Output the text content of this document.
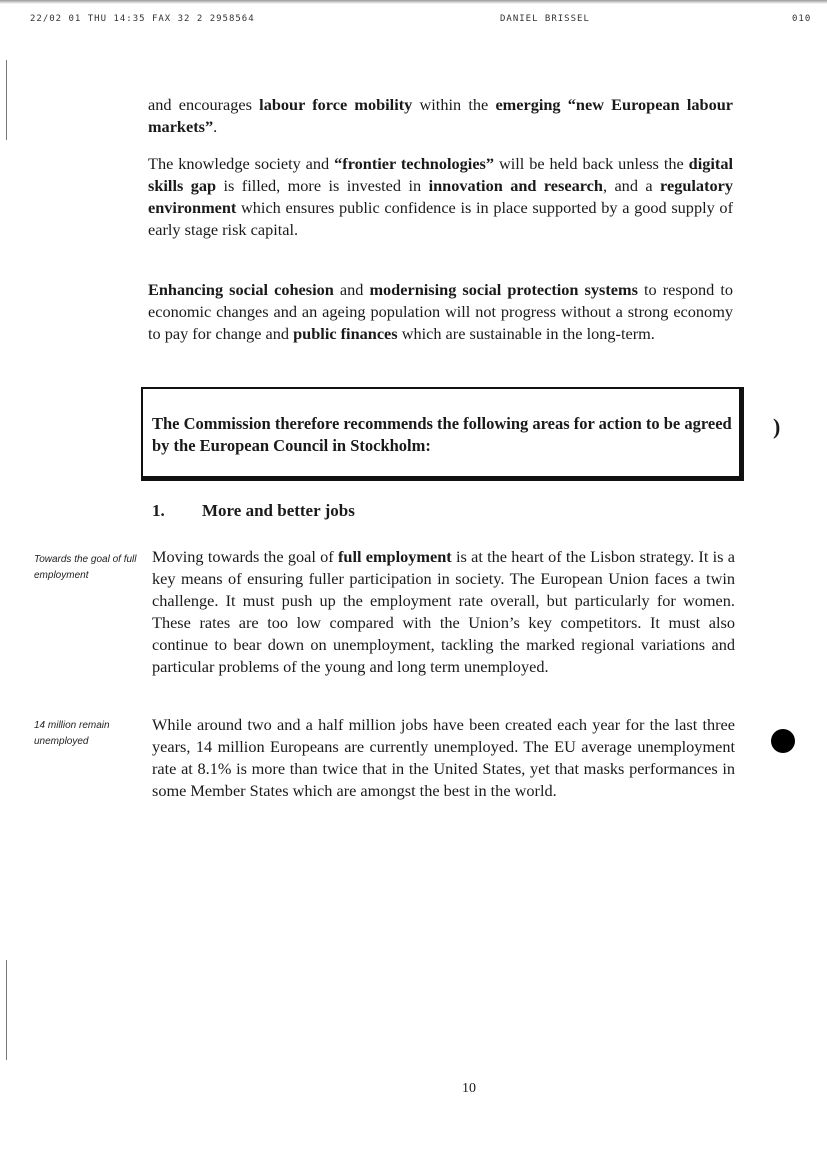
22/02 01 THU 14:35 FAX 32 2 2958564	DANIEL BRISSEL	010
and encourages labour force mobility within the emerging “new European labour markets”.
The knowledge society and “frontier technologies” will be held back unless the digital skills gap is filled, more is invested in innovation and research, and a regulatory environment which ensures public confidence is in place supported by a good supply of early stage risk capital.
Enhancing social cohesion and modernising social protection systems to respond to economic changes and an ageing population will not progress without a strong economy to pay for change and public finances which are sustainable in the long-term.
The Commission therefore recommends the following areas for action to be agreed by the European Council in Stockholm:
)
1. More and better jobs
Towards the goal of full employment
Moving towards the goal of full employment is at the heart of the Lisbon strategy. It is a key means of ensuring fuller participation in society. The European Union faces a twin challenge. It must push up the employment rate overall, but particularly for women. These rates are too low compared with the Union’s key competitors. It must also continue to bear down on unemployment, tackling the marked regional variations and particular problems of the young and long term unemployed.
14 million remain unemployed
While around two and a half million jobs have been created each year for the last three years, 14 million Europeans are currently unemployed. The EU average unemployment rate at 8.1% is more than twice that in the United States, yet that masks performances in some Member States which are amongst the best in the world.
10
